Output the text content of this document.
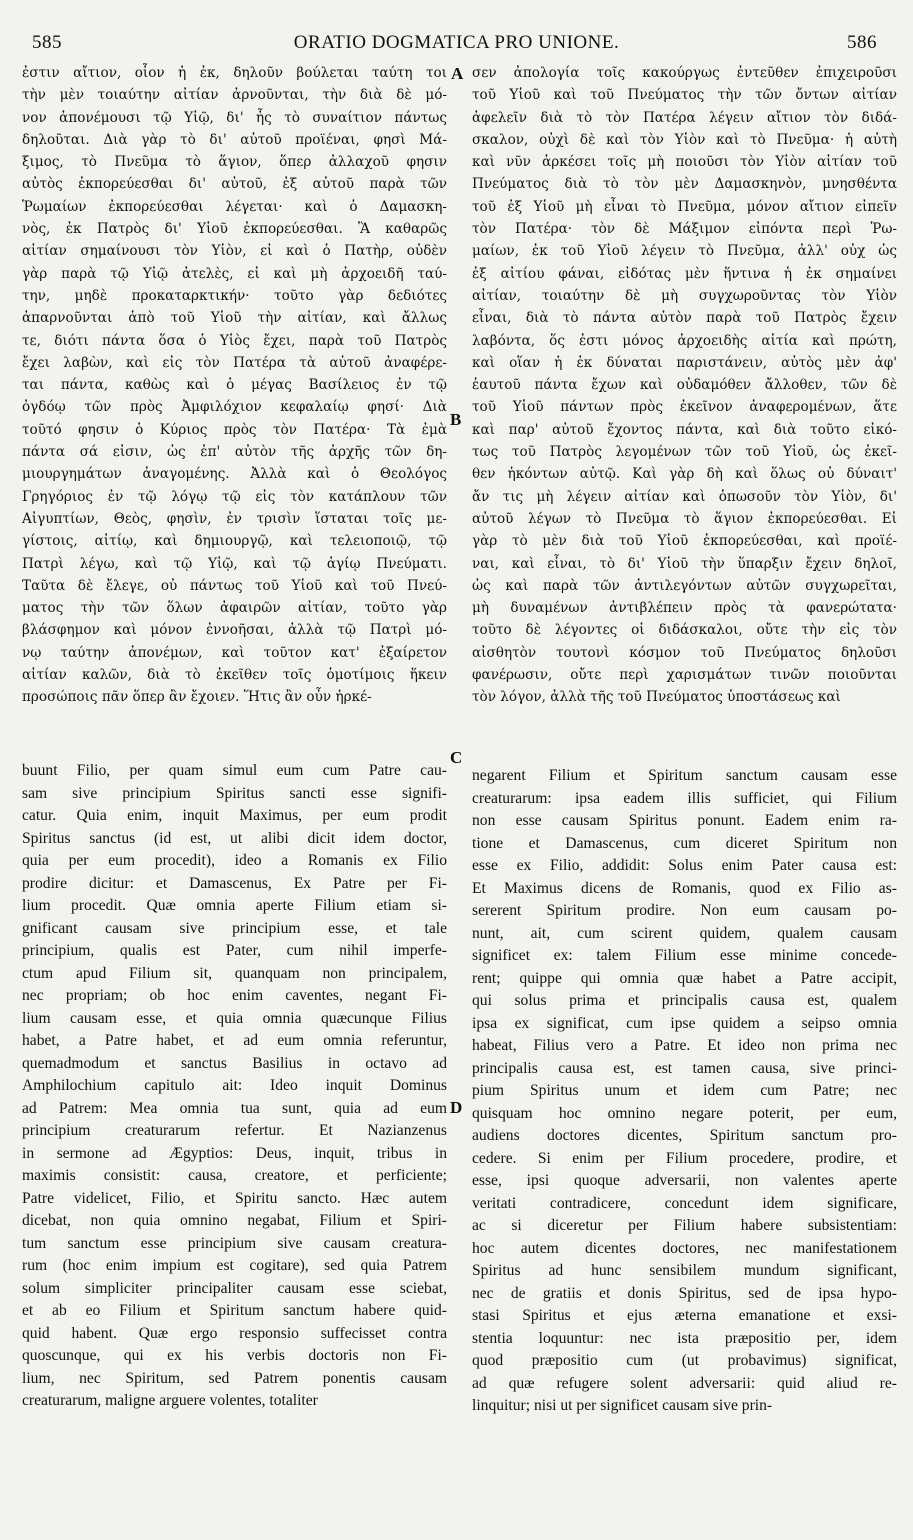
585	ORATIO DOGMATICA PRO UNIONE.	586
A
B
C
D
ἐστιν αἴτιον, οἷον ἡ ἐκ, δηλοῦν βούλεται ταύτη τοι
τὴν μὲν τοιαύτην αἰτίαν ἀρνοῦνται, τὴν διὰ δὲ μό-
νον ἀπονέμουσι τῷ Υἱῷ, δι' ἧς τὸ συναίτιον πάντως
δηλοῦται. Διὰ γὰρ τὸ δι' αὐτοῦ προϊέναι, φησὶ Μά-
ξιμος, τὸ Πνεῦμα τὸ ἅγιον, ὅπερ ἀλλαχοῦ φησιν
αὐτὸς ἐκπορεύεσθαι δι' αὐτοῦ, ἐξ αὐτοῦ παρὰ τῶν
Ῥωμαίων ἐκπορεύεσθαι λέγεται· καὶ ὁ Δαμασκη-
νὸς, ἐκ Πατρὸς δι' Υἱοῦ ἐκπορεύεσθαι. Ἃ καθαρῶς
αἰτίαν σημαίνουσι τὸν Υἱὸν, εἰ καὶ ὁ Πατὴρ, οὐδὲν
γὰρ παρὰ τῷ Υἱῷ ἀτελὲς, εἰ καὶ μὴ ἀρχοειδῆ ταύ-
την, μηδὲ προκαταρκτικήν· τοῦτο γὰρ δεδιότες
ἀπαρνοῦνται ἀπὸ τοῦ Υἱοῦ τὴν αἰτίαν, καὶ ἄλλως
τε, διότι πάντα ὅσα ὁ Υἱὸς ἔχει, παρὰ τοῦ Πατρὸς
ἔχει λαβὼν, καὶ εἰς τὸν Πατέρα τὰ αὐτοῦ ἀναφέρε-
ται πάντα, καθὼς καὶ ὁ μέγας Βασίλειος ἐν τῷ
ὀγδόῳ τῶν πρὸς Ἀμφιλόχιον κεφαλαίῳ φησί· Διὰ
τοῦτό φησιν ὁ Κύριος πρὸς τὸν Πατέρα· Τὰ ἐμὰ
πάντα σά εἰσιν, ὡς ἐπ' αὐτὸν τῆς ἀρχῆς τῶν δη-
μιουργημάτων ἀναγομένης. Ἀλλὰ καὶ ὁ Θεολόγος
Γρηγόριος ἐν τῷ λόγῳ τῷ εἰς τὸν κατάπλουν τῶν
Αἰγυπτίων, Θεὸς, φησὶν, ἐν τρισὶν ἵσταται τοῖς με-
γίστοις, αἰτίῳ, καὶ δημιουργῷ, καὶ τελειοποιῷ, τῷ
Πατρὶ λέγω, καὶ τῷ Υἱῷ, καὶ τῷ ἁγίῳ Πνεύματι.
Ταῦτα δὲ ἔλεγε, οὐ πάντως τοῦ Υἱοῦ καὶ τοῦ Πνεύ-
ματος τὴν τῶν ὅλων ἀφαιρῶν αἰτίαν, τοῦτο γὰρ
βλάσφημον καὶ μόνον ἐννοῆσαι, ἀλλὰ τῷ Πατρὶ μό-
νῳ ταύτην ἀπονέμων, καὶ τοῦτον κατ' ἐξαίρετον
αἰτίαν καλῶν, διὰ τὸ ἐκεῖθεν τοῖς ὁμοτίμοις ἥκειν
προσώποις πᾶν ὅπερ ἂν ἔχοιεν. Ἥτις ἂν οὖν ἠρκέ-
σεν ἀπολογία τοῖς κακούργως ἐντεῦθεν ἐπιχειροῦσι
τοῦ Υἱοῦ καὶ τοῦ Πνεύματος τὴν τῶν ὄντων αἰτίαν
ἀφελεῖν διὰ τὸ τὸν Πατέρα λέγειν αἴτιον τὸν διδά-
σκαλον, οὐχὶ δὲ καὶ τὸν Υἱὸν καὶ τὸ Πνεῦμα· ἡ αὐτὴ
καὶ νῦν ἀρκέσει τοῖς μὴ ποιοῦσι τὸν Υἱὸν αἰτίαν τοῦ
Πνεύματος διὰ τὸ τὸν μὲν Δαμασκηνὸν, μνησθέντα
τοῦ ἐξ Υἱοῦ μὴ εἶναι τὸ Πνεῦμα, μόνον αἴτιον εἰπεῖν
τὸν Πατέρα· τὸν δὲ Μάξιμον εἰπόντα περὶ Ῥω-
μαίων, ἐκ τοῦ Υἱοῦ λέγειν τὸ Πνεῦμα, ἀλλ' οὐχ ὡς
ἐξ αἰτίου φάναι, εἰδότας μὲν ἥντινα ἡ ἐκ σημαίνει
αἰτίαν, τοιαύτην δὲ μὴ συγχωροῦντας τὸν Υἱὸν
εἶναι, διὰ τὸ πάντα αὐτὸν παρὰ τοῦ Πατρὸς ἔχειν
λαβόντα, ὅς ἐστι μόνος ἀρχοειδὴς αἰτία καὶ πρώτη,
καὶ οἵαν ἡ ἐκ δύναται παριστάνειν, αὐτὸς μὲν ἀφ'
ἑαυτοῦ πάντα ἔχων καὶ οὐδαμόθεν ἄλλοθεν, τῶν δὲ
τοῦ Υἱοῦ πάντων πρὸς ἐκεῖνον ἀναφερομένων, ἅτε
καὶ παρ' αὐτοῦ ἔχοντος πάντα, καὶ διὰ τοῦτο εἰκό-
τως τοῦ Πατρὸς λεγομένων τῶν τοῦ Υἱοῦ, ὡς ἐκεῖ-
θεν ἡκόντων αὐτῷ. Καὶ γὰρ δὴ καὶ ὅλως οὐ δύναιτ'
ἄν τις μὴ λέγειν αἰτίαν καὶ ὁπωσοῦν τὸν Υἱὸν, δι'
αὐτοῦ λέγων τὸ Πνεῦμα τὸ ἅγιον ἐκπορεύεσθαι. Εἰ
γὰρ τὸ μὲν διὰ τοῦ Υἱοῦ ἐκπορεύεσθαι, καὶ προϊέ-
ναι, καὶ εἶναι, τὸ δι' Υἱοῦ τὴν ὕπαρξιν ἔχειν δηλοῖ,
ὡς καὶ παρὰ τῶν ἀντιλεγόντων αὐτῶν συγχωρεῖται,
μὴ δυναμένων ἀντιβλέπειν πρὸς τὰ φανερώτατα·
τοῦτο δὲ λέγοντες οἱ διδάσκαλοι, οὔτε τὴν εἰς τὸν
αἰσθητὸν τουτονὶ κόσμον τοῦ Πνεύματος δηλοῦσι
φανέρωσιν, οὔτε περὶ χαρισμάτων τινῶν ποιοῦνται
τὸν λόγον, ἀλλὰ τῆς τοῦ Πνεύματος ὑποστάσεως καὶ
buunt Filio, per quam simul eum cum Patre cau-
sam sive principium Spiritus sancti esse signifi-
catur. Quia enim, inquit Maximus, per eum prodit
Spiritus sanctus (id est, ut alibi dicit idem doctor,
quia per eum procedit), ideo a Romanis ex Filio
prodire dicitur: et Damascenus, Ex Patre per Fi-
lium procedit. Quæ omnia aperte Filium etiam si-
gnificant causam sive principium esse, et tale
principium, qualis est Pater, cum nihil imperfe-
ctum apud Filium sit, quanquam non principalem,
nec propriam; ob hoc enim caventes, negant Fi-
lium causam esse, et quia omnia quæcunque Filius
habet, a Patre habet, et ad eum omnia referuntur,
quemadmodum et sanctus Basilius in octavo ad
Amphilochium capitulo ait: Ideo inquit Dominus
ad Patrem: Mea omnia tua sunt, quia ad eum
principium creaturarum refertur. Et Nazianzenus
in sermone ad Ægyptios: Deus, inquit, tribus in
maximis consistit: causa, creatore, et perficiente;
Patre videlicet, Filio, et Spiritu sancto. Hæc autem
dicebat, non quia omnino negabat, Filium et Spiri-
tum sanctum esse principium sive causam creatura-
rum (hoc enim impium est cogitare), sed quia Patrem
solum simpliciter principaliter causam esse sciebat,
et ab eo Filium et Spiritum sanctum habere quid-
quid habent. Quæ ergo responsio suffecisset contra
quoscunque, qui ex his verbis doctoris non Fi-
lium, nec Spiritum, sed Patrem ponentis causam
creaturarum, maligne arguere volentes, totaliter
negarent Filium et Spiritum sanctum causam esse
creaturarum: ipsa eadem illis sufficiet, qui Filium
non esse causam Spiritus ponunt. Eadem enim ra-
tione et Damascenus, cum diceret Spiritum non
esse ex Filio, addidit: Solus enim Pater causa est:
Et Maximus dicens de Romanis, quod ex Filio as-
sererent Spiritum prodire. Non eum causam po-
nunt, ait, cum scirent quidem, qualem causam
significet ex: talem Filium esse minime concede-
rent; quippe qui omnia quæ habet a Patre accipit,
qui solus prima et principalis causa est, qualem
ipsa ex significat, cum ipse quidem a seipso omnia
habeat, Filius vero a Patre. Et ideo non prima nec
principalis causa est, est tamen causa, sive princi-
pium Spiritus unum et idem cum Patre; nec
quisquam hoc omnino negare poterit, per eum,
audiens doctores dicentes, Spiritum sanctum pro-
cedere. Si enim per Filium procedere, prodire, et
esse, ipsi quoque adversarii, non valentes aperte
veritati contradicere, concedunt idem significare,
ac si diceretur per Filium habere subsistentiam:
hoc autem dicentes doctores, nec manifestationem
Spiritus ad hunc sensibilem mundum significant,
nec de gratiis et donis Spiritus, sed de ipsa hypo-
stasi Spiritus et ejus æterna emanatione et exsi-
stentia loquuntur: nec ista præpositio per, idem
quod præpositio cum (ut probavimus) significat,
ad quæ refugere solent adversarii: quid aliud re-
linquitur; nisi ut per significet causam sive prin-
